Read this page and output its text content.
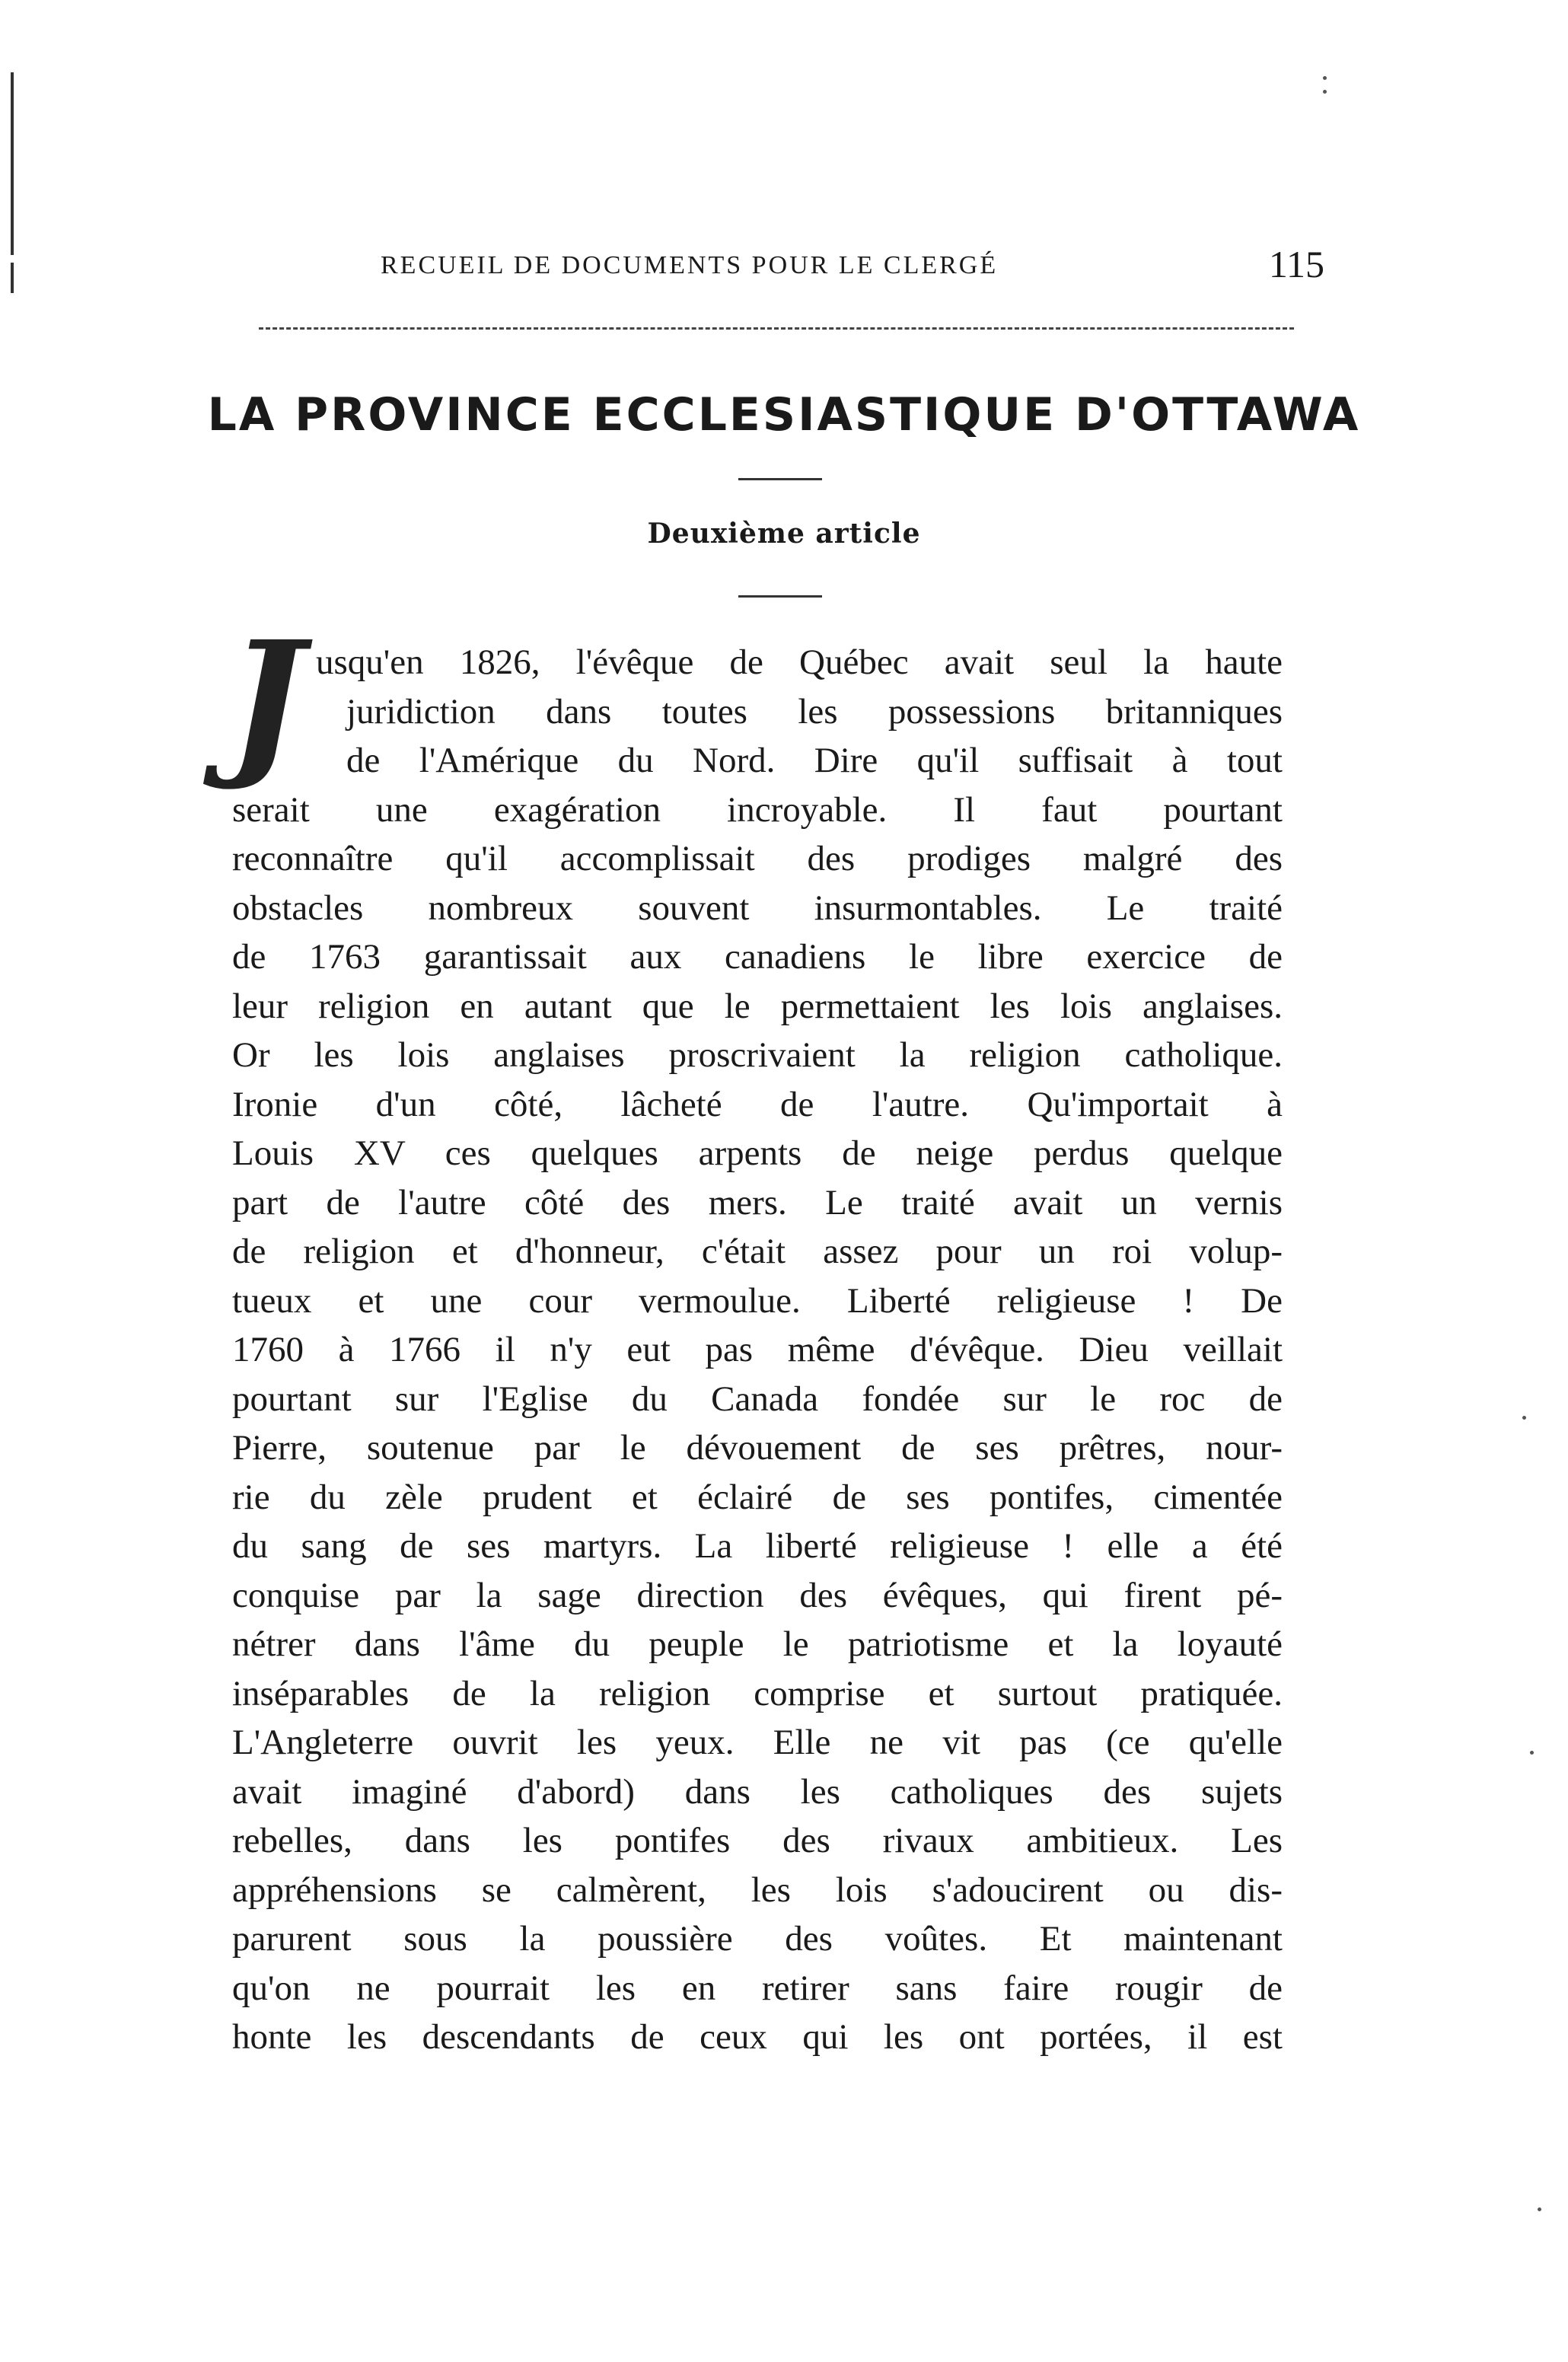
RECUEIL DE DOCUMENTS POUR LE CLERGÉ	115
LA PROVINCE ECCLESIASTIQUE D'OTTAWA
Deuxième article
J usqu'en 1826, l'évêque de Québec avait seul la haute
juridiction dans toutes les possessions britanniques
de l'Amérique du Nord. Dire qu'il suffisait à tout
serait une exagération incroyable. Il faut pourtant
reconnaître qu'il accomplissait des prodiges malgré des
obstacles nombreux souvent insurmontables. Le traité
de 1763 garantissait aux canadiens le libre exercice de
leur religion en autant que le permettaient les lois anglaises.
Or les lois anglaises proscrivaient la religion catholique.
Ironie d'un côté, lâcheté de l'autre. Qu'importait à
Louis XV ces quelques arpents de neige perdus quelque
part de l'autre côté des mers. Le traité avait un vernis
de religion et d'honneur, c'était assez pour un roi volup-
tueux et une cour vermoulue. Liberté religieuse ! De
1760 à 1766 il n'y eut pas même d'évêque. Dieu veillait
pourtant sur l'Eglise du Canada fondée sur le roc de
Pierre, soutenue par le dévouement de ses prêtres, nour-
rie du zèle prudent et éclairé de ses pontifes, cimentée
du sang de ses martyrs. La liberté religieuse ! elle a été
conquise par la sage direction des évêques, qui firent pé-
nétrer dans l'âme du peuple le patriotisme et la loyauté
inséparables de la religion comprise et surtout pratiquée.
L'Angleterre ouvrit les yeux. Elle ne vit pas (ce qu'elle
avait imaginé d'abord) dans les catholiques des sujets
rebelles, dans les pontifes des rivaux ambitieux. Les
appréhensions se calmèrent, les lois s'adoucirent ou dis-
parurent sous la poussière des voûtes. Et maintenant
qu'on ne pourrait les en retirer sans faire rougir de
honte les descendants de ceux qui les ont portées, il est
